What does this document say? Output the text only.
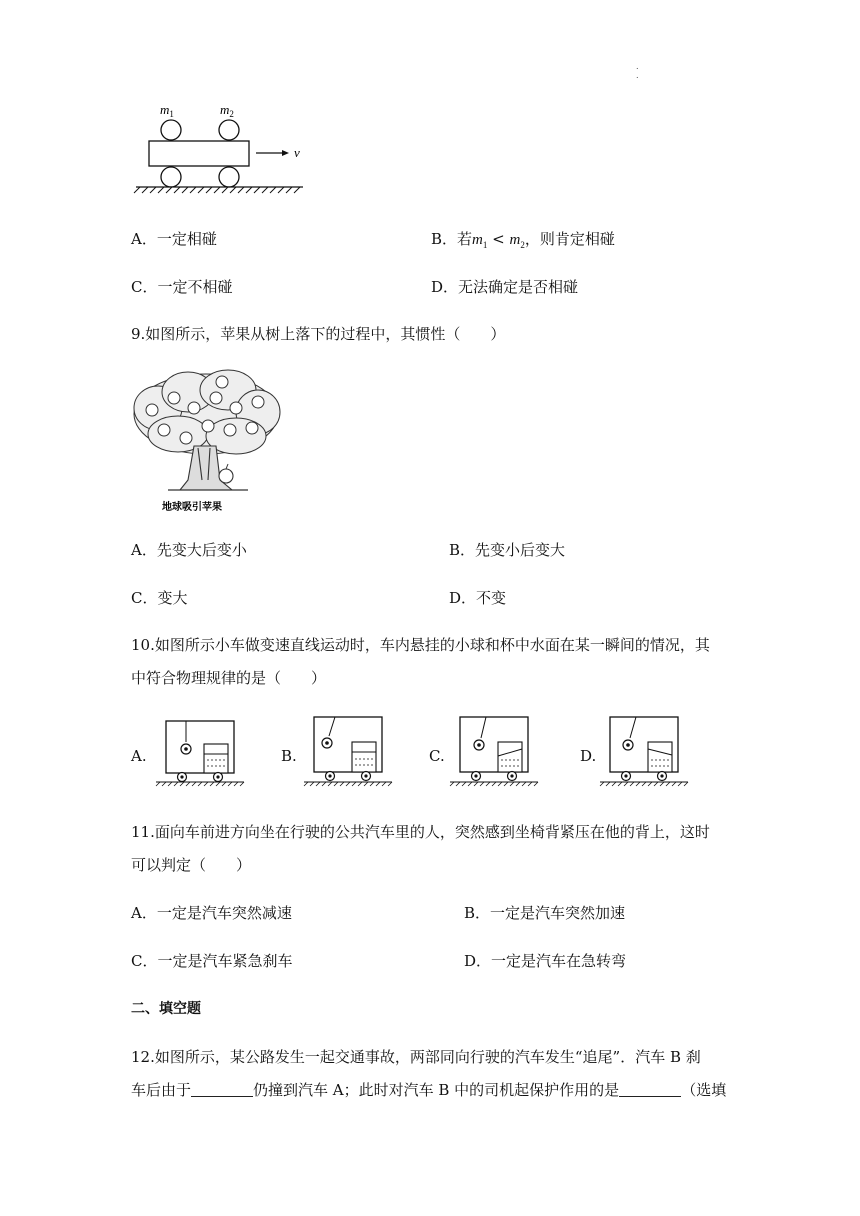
.
.
$m_1$	$m_2$
v
A．一定相碰	B．若$m_1 < m_2$，则肯定相碰
C．一定不相碰	D．无法确定是否相碰
9.如图所示，苹果从树上落下的过程中，其惯性（　　）
地球吸引苹果
A．先变大后变小	B．先变小后变大
C．变大	D．不变
10.如图所示小车做变速直线运动时，车内悬挂的小球和杯中水面在某一瞬间的情况，其
中符合物理规律的是（　　）
A.	B.	C.	D.
11.面向车前进方向坐在行驶的公共汽车里的人，突然感到坐椅背紧压在他的背上，这时
可以判定（　　）
A．一定是汽车突然减速	B．一定是汽车突然加速
C．一定是汽车紧急刹车	D．一定是汽车在急转弯
二、填空题
12.如图所示，某公路发生一起交通事故，两部同向行驶的汽车发生“追尾”．汽车 B 刹
车后由于	仍撞到汽车 A；此时对汽车 B 中的司机起保护作用的是	（选填
